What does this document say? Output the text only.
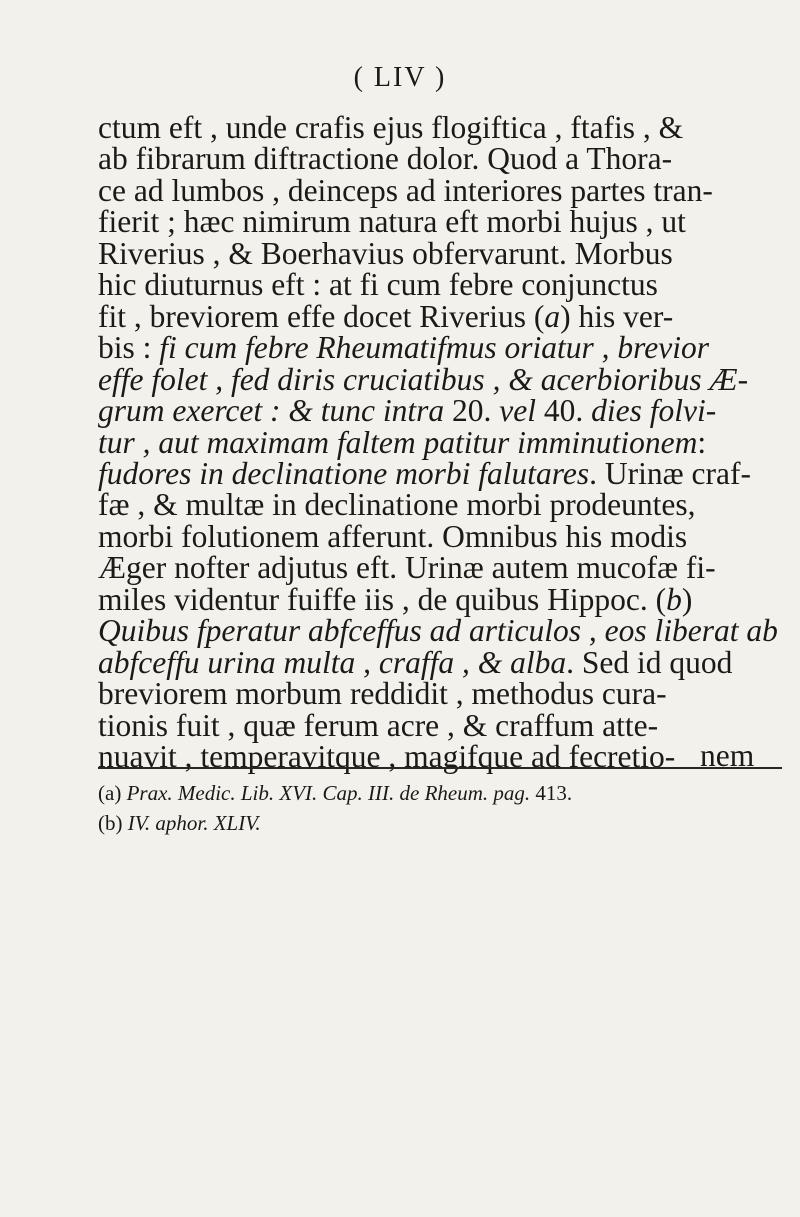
( LIV )
ctum eft , unde crafis ejus flogiftica , ftafis , &
ab fibrarum diftractione dolor. Quod a Thora-
ce ad lumbos , deinceps ad interiores partes tran-
fierit ; hæc nimirum natura eft morbi hujus , ut
Riverius , & Boerhavius obfervarunt. Morbus
hic diuturnus eft : at fi cum febre conjunctus
fit , breviorem effe docet Riverius (a) his ver-
bis : fi cum febre Rheumatifmus oriatur , brevior
effe folet , fed diris cruciatibus , & acerbioribus Æ-
grum exercet : & tunc intra 20. vel 40. dies folvi-
tur , aut maximam faltem patitur imminutionem:
fudores in declinatione morbi falutares. Urinæ craf-
fæ , & multæ in declinatione morbi prodeuntes,
morbi folutionem afferunt. Omnibus his modis
Æger nofter adjutus eft. Urinæ autem mucofæ fi-
miles videntur fuiffe iis , de quibus Hippoc. (b)
Quibus fperatur abfceffus ad articulos , eos liberat ab
abfceffu urina multa , craffa , & alba. Sed id quod
breviorem morbum reddidit , methodus cura-
tionis fuit , quæ ferum acre , & craffum atte-
nuavit , temperavitque , magifque ad fecretio- nem
(a) Prax. Medic. Lib. XVI. Cap. III. de Rheum. pag. 413.
(b) IV. aphor. XLIV.
